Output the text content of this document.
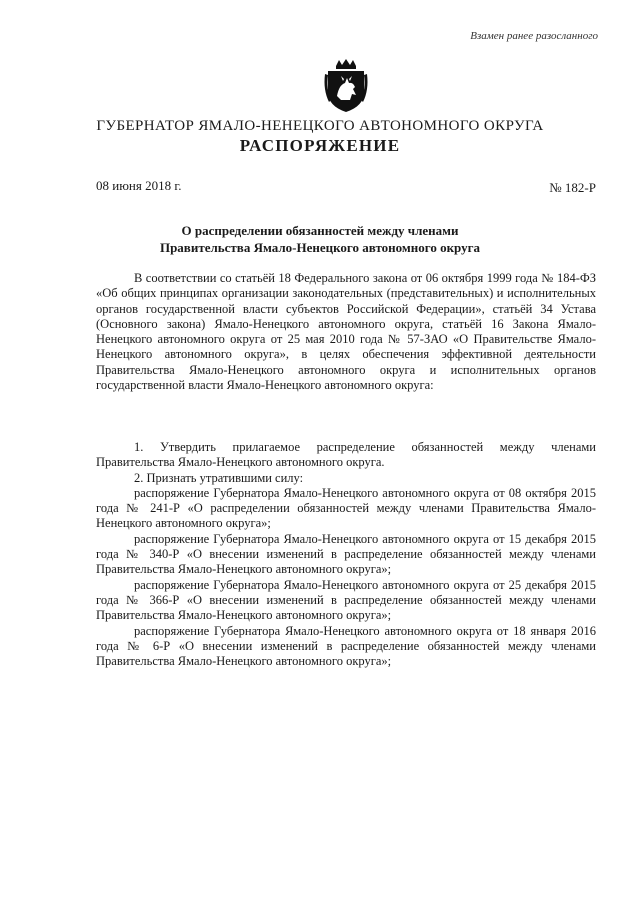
Взамен ранее разосланного
ГУБЕРНАТОР ЯМАЛО-НЕНЕЦКОГО АВТОНОМНОГО ОКРУГА
РАСПОРЯЖЕНИЕ
08 июня 2018 г.	№ 182-Р
О распределении обязанностей между членами
Правительства Ямало-Ненецкого автономного округа

В соответствии со статьёй 18 Федерального закона от 06 октября 1999 года № 184-ФЗ «Об общих принципах организации законодательных (представительных) и исполнительных органов государственной власти субъектов Российской Федерации», статьёй 34 Устава (Основного закона) Ямало-Ненецкого автономного округа, статьёй 16 Закона Ямало-Ненецкого автономного округа от 25 мая 2010 года № 57-ЗАО «О Правительстве Ямало-Ненецкого автономного округа», в целях обеспечения эффективной деятельности Правительства Ямало-Ненецкого автономного округа и исполнительных органов государственной власти Ямало-Ненецкого автономного округа:

1. Утвердить прилагаемое распределение обязанностей между членами Правительства Ямало-Ненецкого автономного округа.

2. Признать утратившими силу:

распоряжение Губернатора Ямало-Ненецкого автономного округа от 08 октября 2015 года № 241-Р «О распределении обязанностей между членами Правительства Ямало-Ненецкого автономного округа»;

распоряжение Губернатора Ямало-Ненецкого автономного округа от 15 декабря 2015 года № 340-Р «О внесении изменений в распределение обязанностей между членами Правительства Ямало-Ненецкого автономного округа»;

распоряжение Губернатора Ямало-Ненецкого автономного округа от 25 декабря 2015 года № 366-Р «О внесении изменений в распределение обязанностей между членами Правительства Ямало-Ненецкого автономного округа»;

распоряжение Губернатора Ямало-Ненецкого автономного округа от 18 января 2016 года № 6-Р «О внесении изменений в распределение обязанностей между членами Правительства Ямало-Ненецкого автономного округа»;
